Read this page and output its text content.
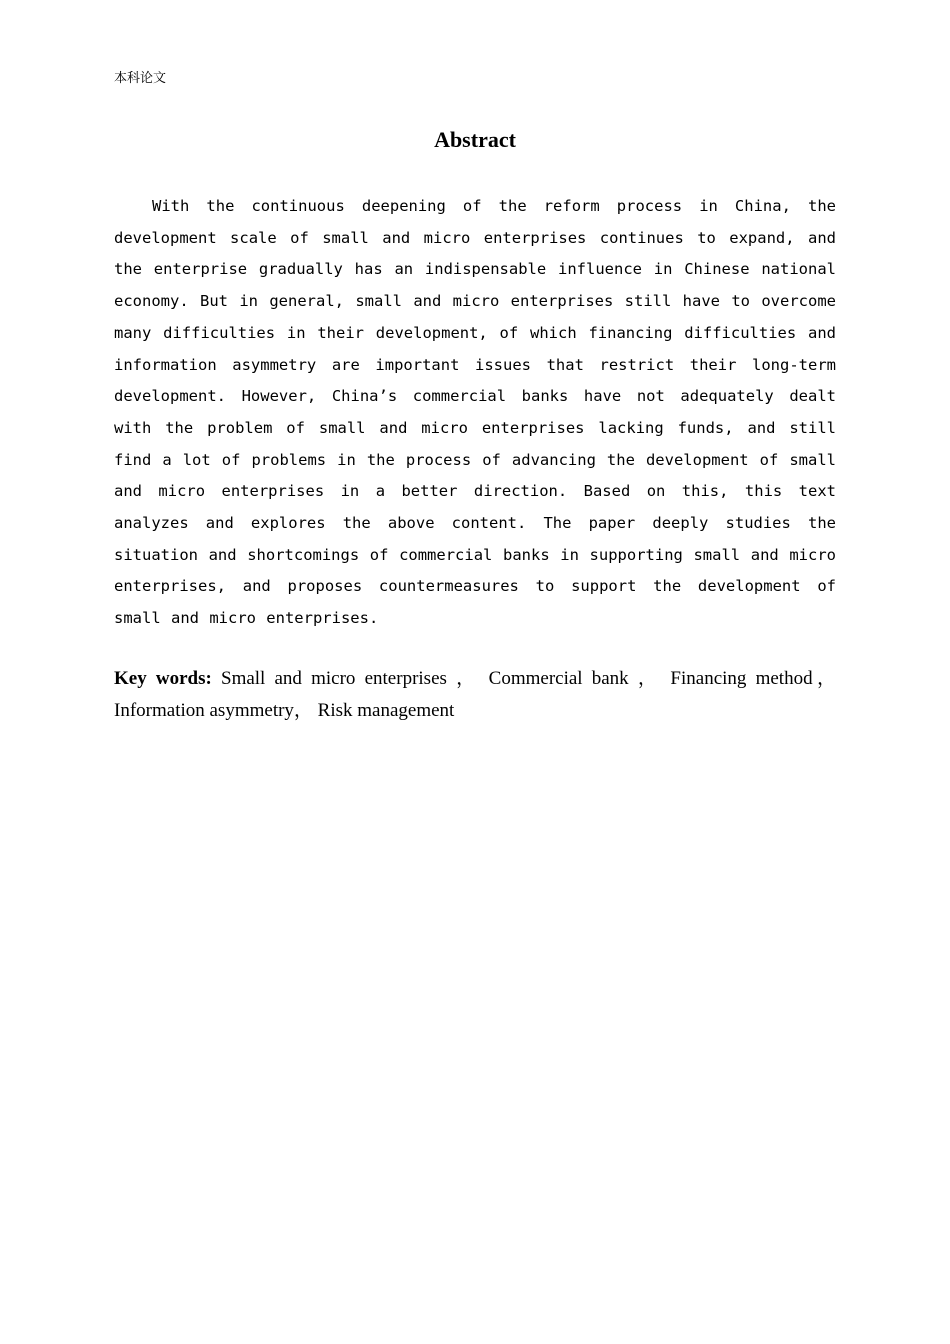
本科论文
Abstract

With the continuous deepening of the reform process in China, the development scale of small and micro enterprises continues to expand, and the enterprise gradually has an indispensable influence in Chinese national economy. But in general, small and micro enterprises still have to overcome many difficulties in their development, of which financing difficulties and information asymmetry are important issues that restrict their long-term development. However, China’s commercial banks have not adequately dealt with the problem of small and micro enterprises lacking funds, and still find a lot of problems in the process of advancing the development of small and micro enterprises in a better direction. Based on this, this text analyzes and explores the above content. The paper deeply studies the situation and shortcomings of commercial banks in supporting small and micro enterprises, and proposes countermeasures to support the development of small and micro enterprises.

Key words: Small and micro enterprises ， Commercial bank ， Financing method，Information asymmetry， Risk management
